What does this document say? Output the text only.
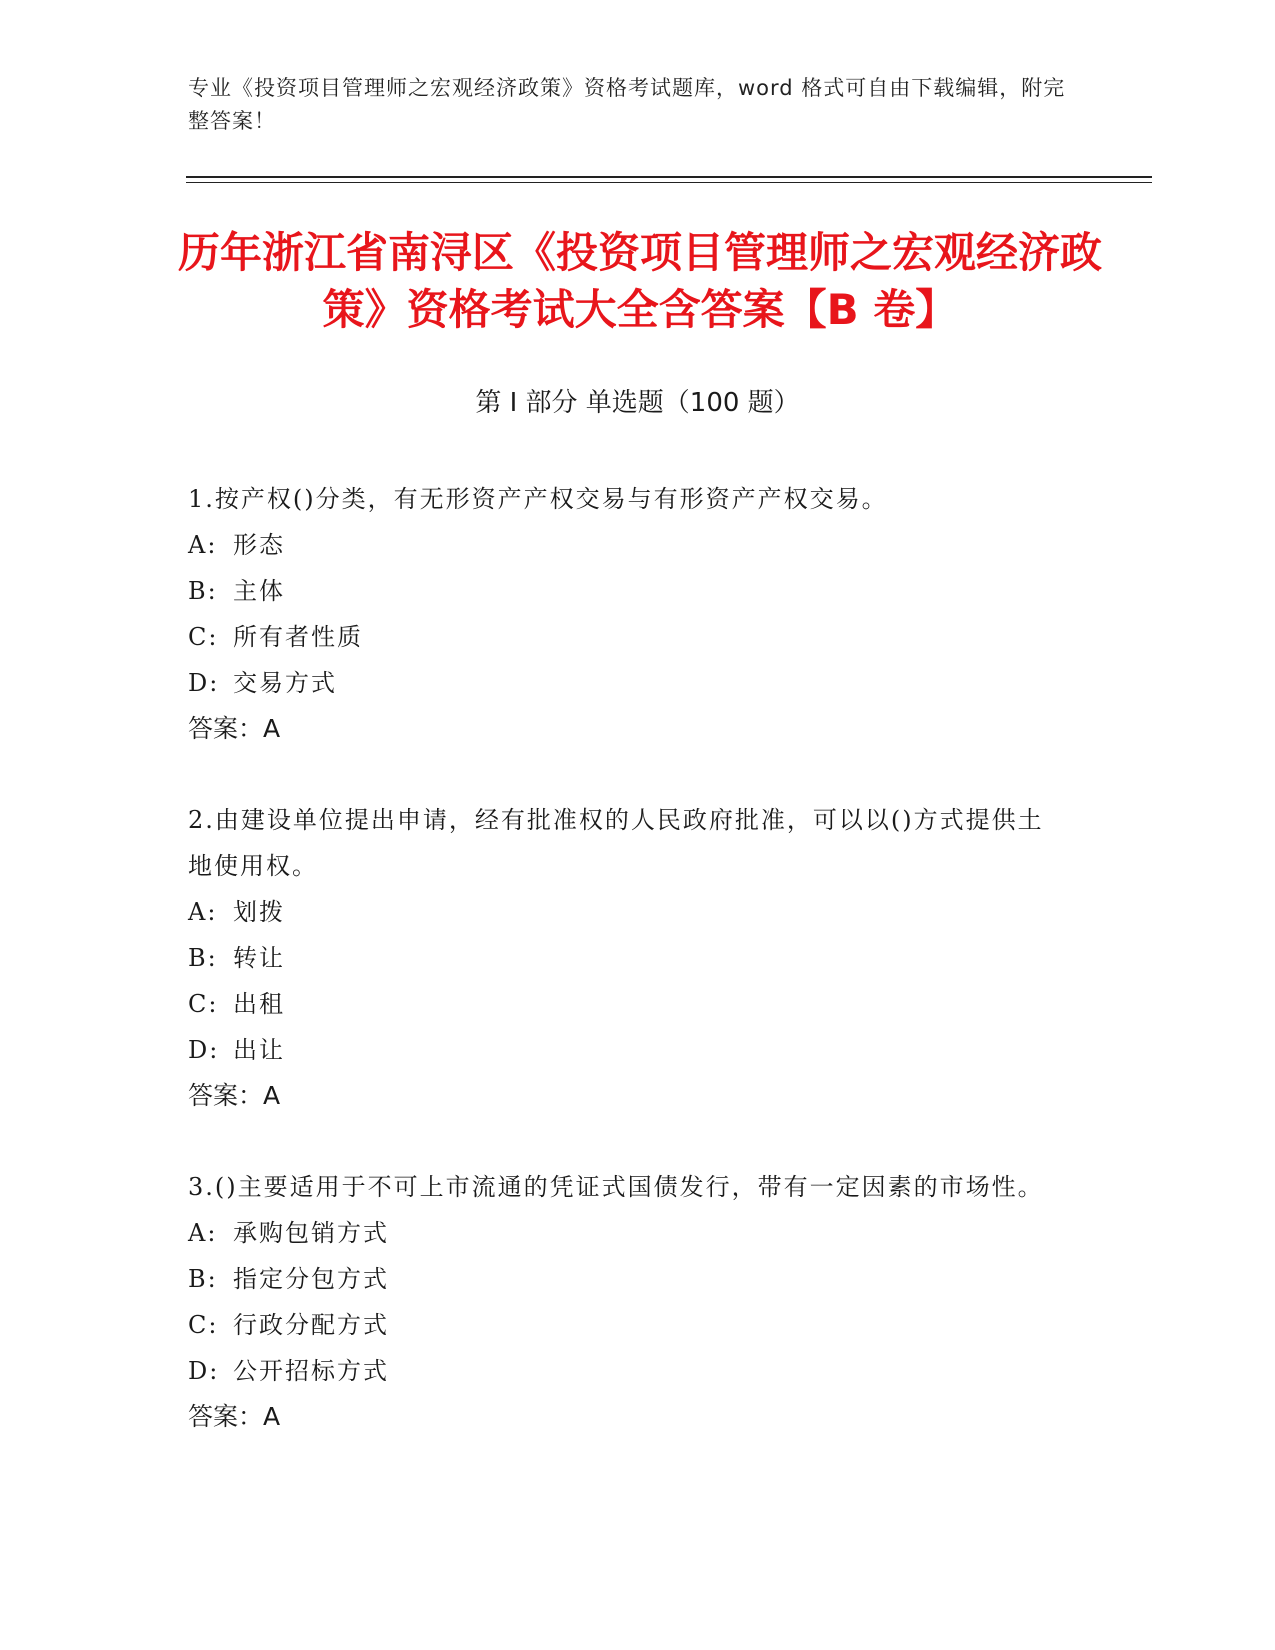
专业《投资项目管理师之宏观经济政策》资格考试题库，word 格式可自由下载编辑，附完整答案！
历年浙江省南浔区《投资项目管理师之宏观经济政策》资格考试大全含答案【B 卷】
第 I 部分 单选题（100 题）
1.按产权()分类，有无形资产产权交易与有形资产产权交易。
A: 形态
B: 主体
C: 所有者性质
D: 交易方式
答案：A
2.由建设单位提出申请，经有批准权的人民政府批准，可以以()方式提供土地使用权。
A: 划拨
B: 转让
C: 出租
D: 出让
答案：A
3.()主要适用于不可上市流通的凭证式国债发行，带有一定因素的市场性。
A: 承购包销方式
B: 指定分包方式
C: 行政分配方式
D: 公开招标方式
答案：A
